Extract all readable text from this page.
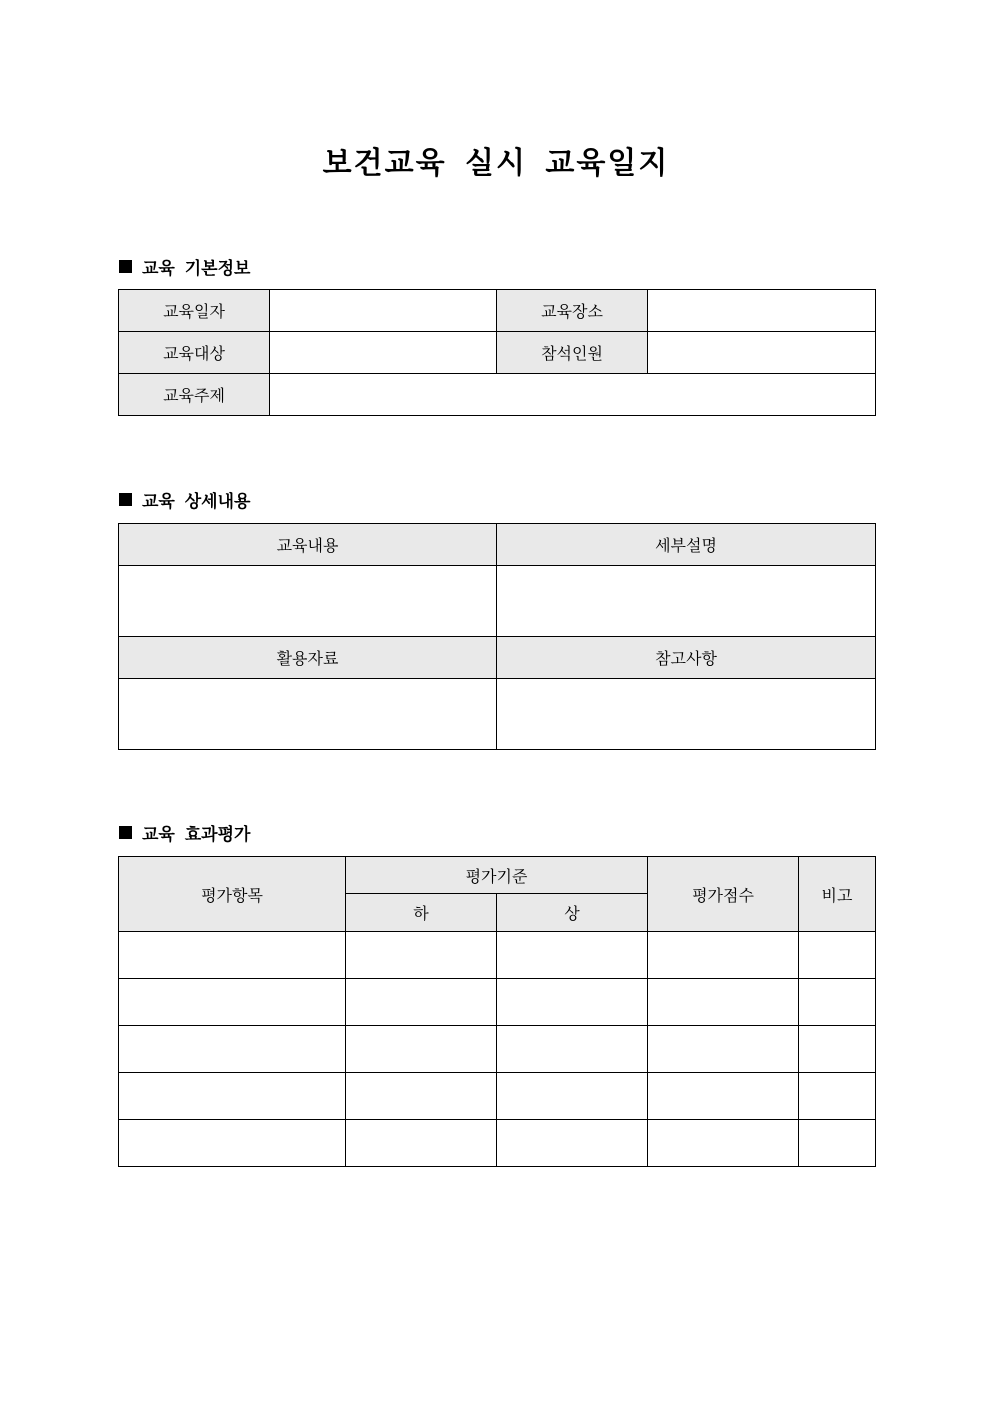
보건교육 실시 교육일지
교육 기본정보
교육일자		교육장소	
교육대상		참석인원	
교육주제			
교육 상세내용
교육내용	세부설명

활용자료	참고사항

교육 효과평가
평가항목	평가기준		평가점수	비고
	하	상		
